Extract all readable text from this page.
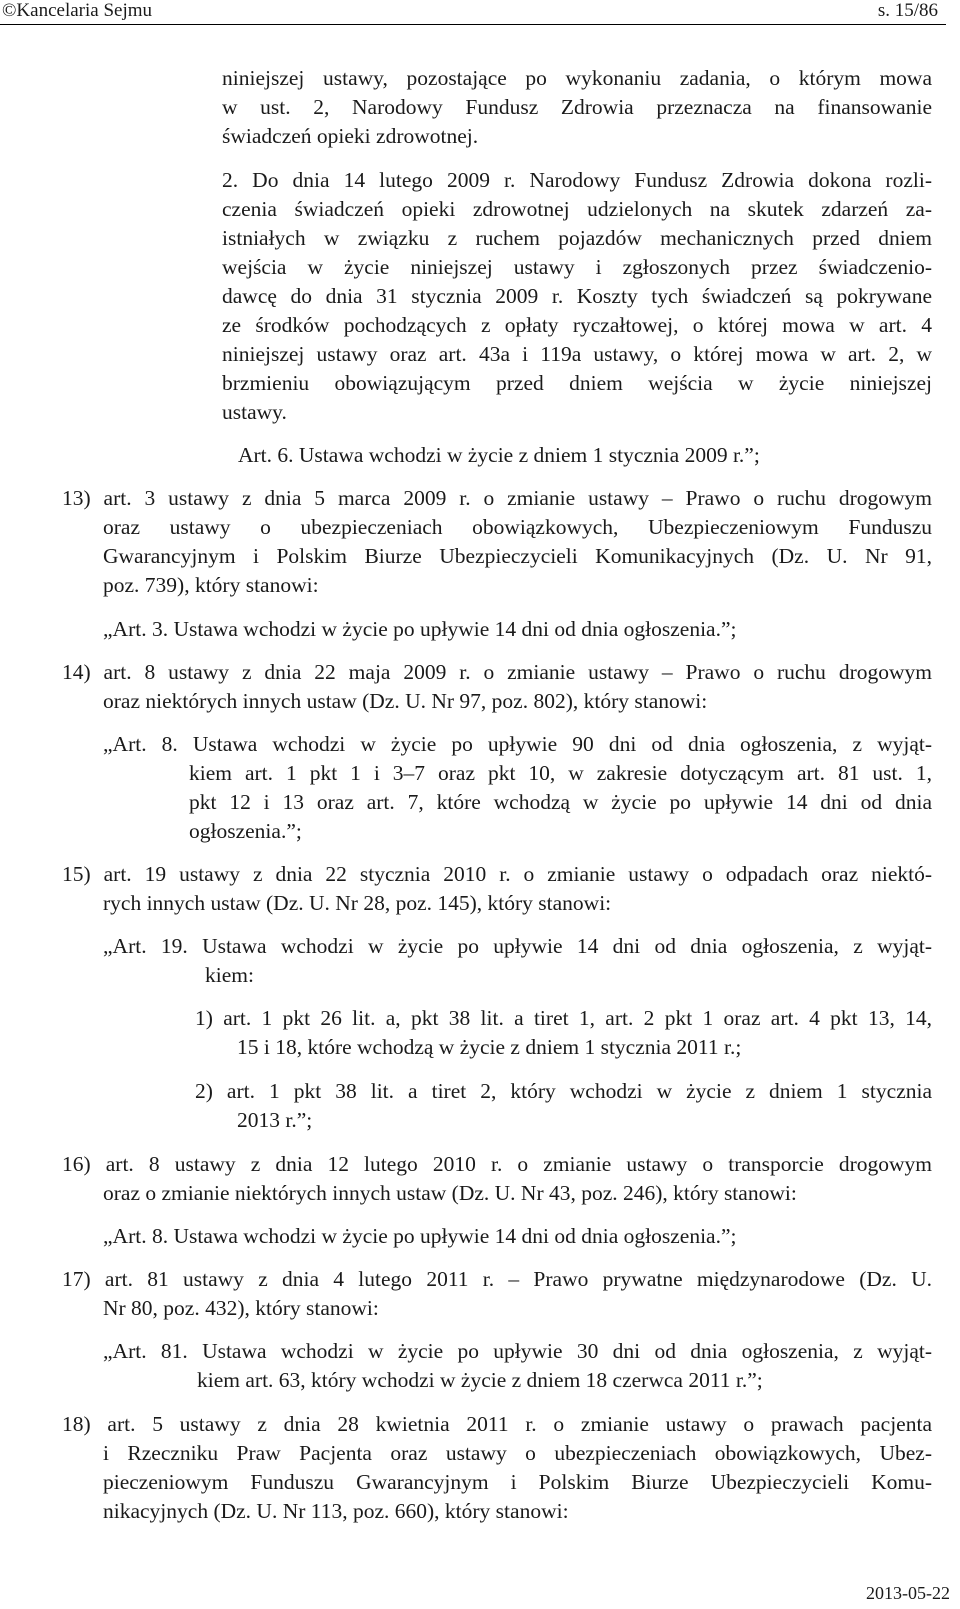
©Kancelaria Sejmu	s. 15/86
niniejszej ustawy, pozostające po wykonaniu zadania, o którym mowa
w ust. 2, Narodowy Fundusz Zdrowia przeznacza na finansowanie
świadczeń opieki zdrowotnej.
2. Do dnia 14 lutego 2009 r. Narodowy Fundusz Zdrowia dokona rozli-
czenia świadczeń opieki zdrowotnej udzielonych na skutek zdarzeń za-
istniałych w związku z ruchem pojazdów mechanicznych przed dniem
wejścia w życie niniejszej ustawy i zgłoszonych przez świadczenio-
dawcę do dnia 31 stycznia 2009 r. Koszty tych świadczeń są pokrywane
ze środków pochodzących z opłaty ryczałtowej, o której mowa w art. 4
niniejszej ustawy oraz art. 43a i 119a ustawy, o której mowa w art. 2, w
brzmieniu obowiązującym przed dniem wejścia w życie niniejszej
ustawy.
Art. 6. Ustawa wchodzi w życie z dniem 1 stycznia 2009 r.”;
13) art. 3 ustawy z dnia 5 marca 2009 r. o zmianie ustawy – Prawo o ruchu drogowym
oraz ustawy o ubezpieczeniach obowiązkowych, Ubezpieczeniowym Funduszu
Gwarancyjnym i Polskim Biurze Ubezpieczycieli Komunikacyjnych (Dz. U. Nr 91,
poz. 739), który stanowi:
„Art. 3. Ustawa wchodzi w życie po upływie 14 dni od dnia ogłoszenia.”;
14) art. 8 ustawy z dnia 22 maja 2009 r. o zmianie ustawy – Prawo o ruchu drogowym
oraz niektórych innych ustaw (Dz. U. Nr 97, poz. 802), który stanowi:
„Art. 8. Ustawa wchodzi w życie po upływie 90 dni od dnia ogłoszenia, z wyjąt-
kiem art. 1 pkt 1 i 3–7 oraz pkt 10, w zakresie dotyczącym art. 81 ust. 1,
pkt 12 i 13 oraz art. 7, które wchodzą w życie po upływie 14 dni od dnia
ogłoszenia.”;
15) art. 19 ustawy z dnia 22 stycznia 2010 r. o zmianie ustawy o odpadach oraz niektó-
rych innych ustaw (Dz. U. Nr 28, poz. 145), który stanowi:
„Art. 19. Ustawa wchodzi w życie po upływie 14 dni od dnia ogłoszenia, z wyjąt-
kiem:
1) art. 1 pkt 26 lit. a, pkt 38 lit. a tiret 1, art. 2 pkt 1 oraz art. 4 pkt 13, 14,
15 i 18, które wchodzą w życie z dniem 1 stycznia 2011 r.;
2) art. 1 pkt 38 lit. a tiret 2, który wchodzi w życie z dniem 1 stycznia
2013 r.”;
16) art. 8 ustawy z dnia 12 lutego 2010 r. o zmianie ustawy o transporcie drogowym
oraz o zmianie niektórych innych ustaw (Dz. U. Nr 43, poz. 246), który stanowi:
„Art. 8. Ustawa wchodzi w życie po upływie 14 dni od dnia ogłoszenia.”;
17) art. 81 ustawy z dnia 4 lutego 2011 r. – Prawo prywatne międzynarodowe (Dz. U.
Nr 80, poz. 432), który stanowi:
„Art. 81. Ustawa wchodzi w życie po upływie 30 dni od dnia ogłoszenia, z wyjąt-
kiem art. 63, który wchodzi w życie z dniem 18 czerwca 2011 r.”;
18) art. 5 ustawy z dnia 28 kwietnia 2011 r. o zmianie ustawy o prawach pacjenta
i Rzeczniku Praw Pacjenta oraz ustawy o ubezpieczeniach obowiązkowych, Ubez-
pieczeniowym Funduszu Gwarancyjnym i Polskim Biurze Ubezpieczycieli Komu-
nikacyjnych (Dz. U. Nr 113, poz. 660), który stanowi:
2013-05-22
